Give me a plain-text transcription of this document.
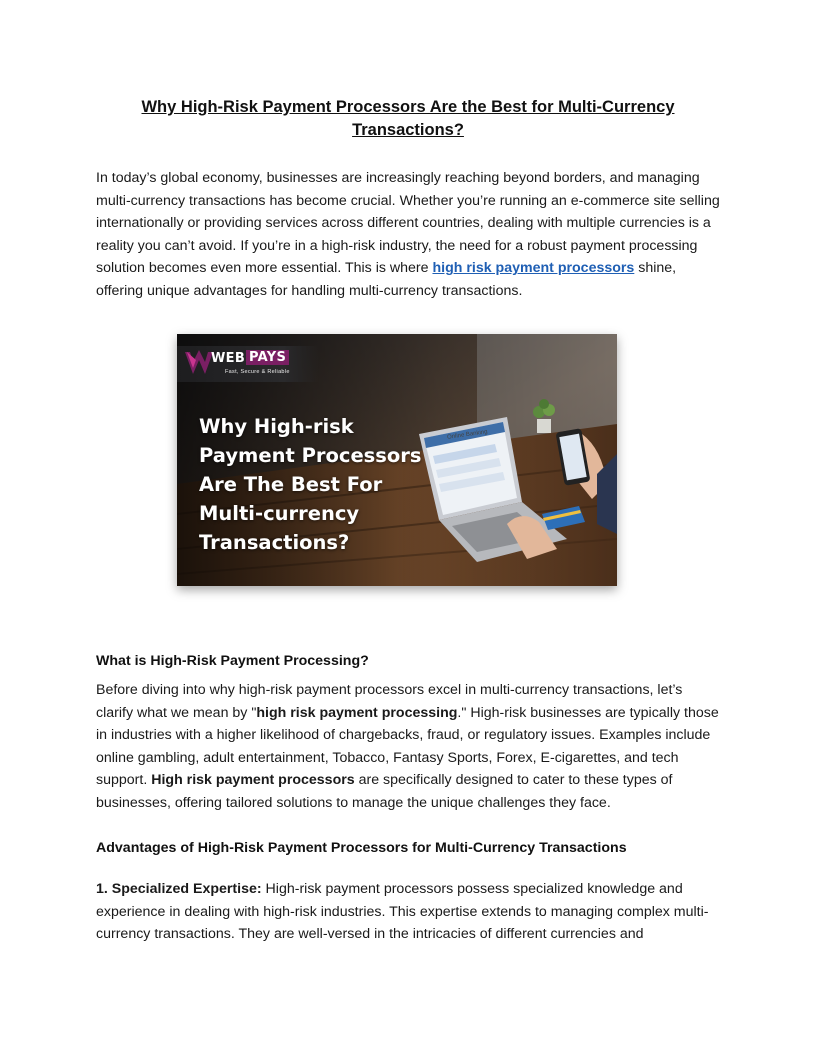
Why High-Risk Payment Processors Are the Best for Multi-Currency
Transactions?
In today’s global economy, businesses are increasingly reaching beyond borders, and managing multi-currency transactions has become crucial. Whether you’re running an e-commerce site selling internationally or providing services across different countries, dealing with multiple currencies is a reality you can’t avoid. If you’re in a high-risk industry, the need for a robust payment processing solution becomes even more essential. This is where high risk payment processors shine, offering unique advantages for handling multi-currency transactions.
WEB PAYS
Fast, Secure & Reliable
Online Banking
Why High-risk
Payment Processors
Are The Best For
Multi-currency
Transactions?
What is High-Risk Payment Processing?
Before diving into why high-risk payment processors excel in multi-currency transactions, let’s clarify what we mean by "high risk payment processing." High-risk businesses are typically those in industries with a higher likelihood of chargebacks, fraud, or regulatory issues. Examples include online gambling, adult entertainment, Tobacco, Fantasy Sports, Forex, E-cigarettes, and tech support. High risk payment processors are specifically designed to cater to these types of businesses, offering tailored solutions to manage the unique challenges they face.
Advantages of High-Risk Payment Processors for Multi-Currency Transactions
1. Specialized Expertise: High-risk payment processors possess specialized knowledge and experience in dealing with high-risk industries. This expertise extends to managing complex multi-currency transactions. They are well-versed in the intricacies of different currencies and
